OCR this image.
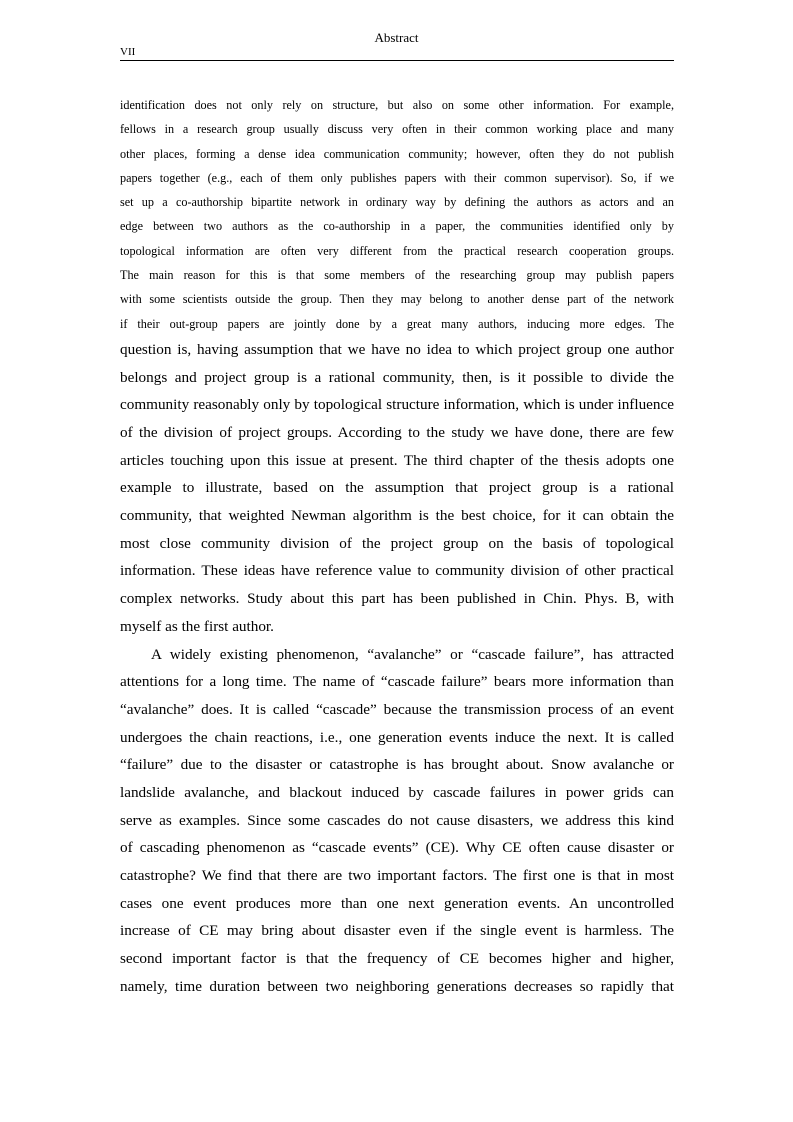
Abstract
VII
identification does not only rely on structure, but also on some other information. For example,
fellows in a research group usually discuss very often in their common working place and many
other places, forming a dense idea communication community; however, often they do not publish
papers together (e.g., each of them only publishes papers with their common supervisor). So, if we
set up a co-authorship bipartite network in ordinary way by defining the authors as actors and an
edge between two authors as the co-authorship in a paper, the communities identified only by
topological information are often very different from the practical research cooperation groups.
The main reason for this is that some members of the researching group may publish papers
with some scientists outside the group. Then they may belong to another dense part of the network
if their out-group papers are jointly done by a great many authors, inducing more edges. The
question is, having assumption that we have no idea to which project group one author
belongs and project group is a rational community, then, is it possible to divide the
community reasonably only by topological structure information, which is under influence
of the division of project groups. According to the study we have done, there are few
articles touching upon this issue at present. The third chapter of the thesis adopts one
example to illustrate, based on the assumption that project group is a rational
community, that weighted Newman algorithm is the best choice, for it can obtain the
most close community division of the project group on the basis of topological
information. These ideas have reference value to community division of other practical
complex networks. Study about this part has been published in Chin. Phys. B, with
myself as the first author.
A widely existing phenomenon, “avalanche” or “cascade failure”, has attracted
attentions for a long time. The name of “cascade failure” bears more information than
“avalanche” does. It is called “cascade” because the transmission process of an event
undergoes the chain reactions, i.e., one generation events induce the next. It is called
“failure” due to the disaster or catastrophe is has brought about. Snow avalanche or
landslide avalanche, and blackout induced by cascade failures in power grids can
serve as examples. Since some cascades do not cause disasters, we address this kind
of cascading phenomenon as “cascade events” (CE). Why CE often cause disaster or
catastrophe? We find that there are two important factors. The first one is that in most
cases one event produces more than one next generation events. An uncontrolled
increase of CE may bring about disaster even if the single event is harmless. The
second important factor is that the frequency of CE becomes higher and higher,
namely, time duration between two neighboring generations decreases so rapidly that
